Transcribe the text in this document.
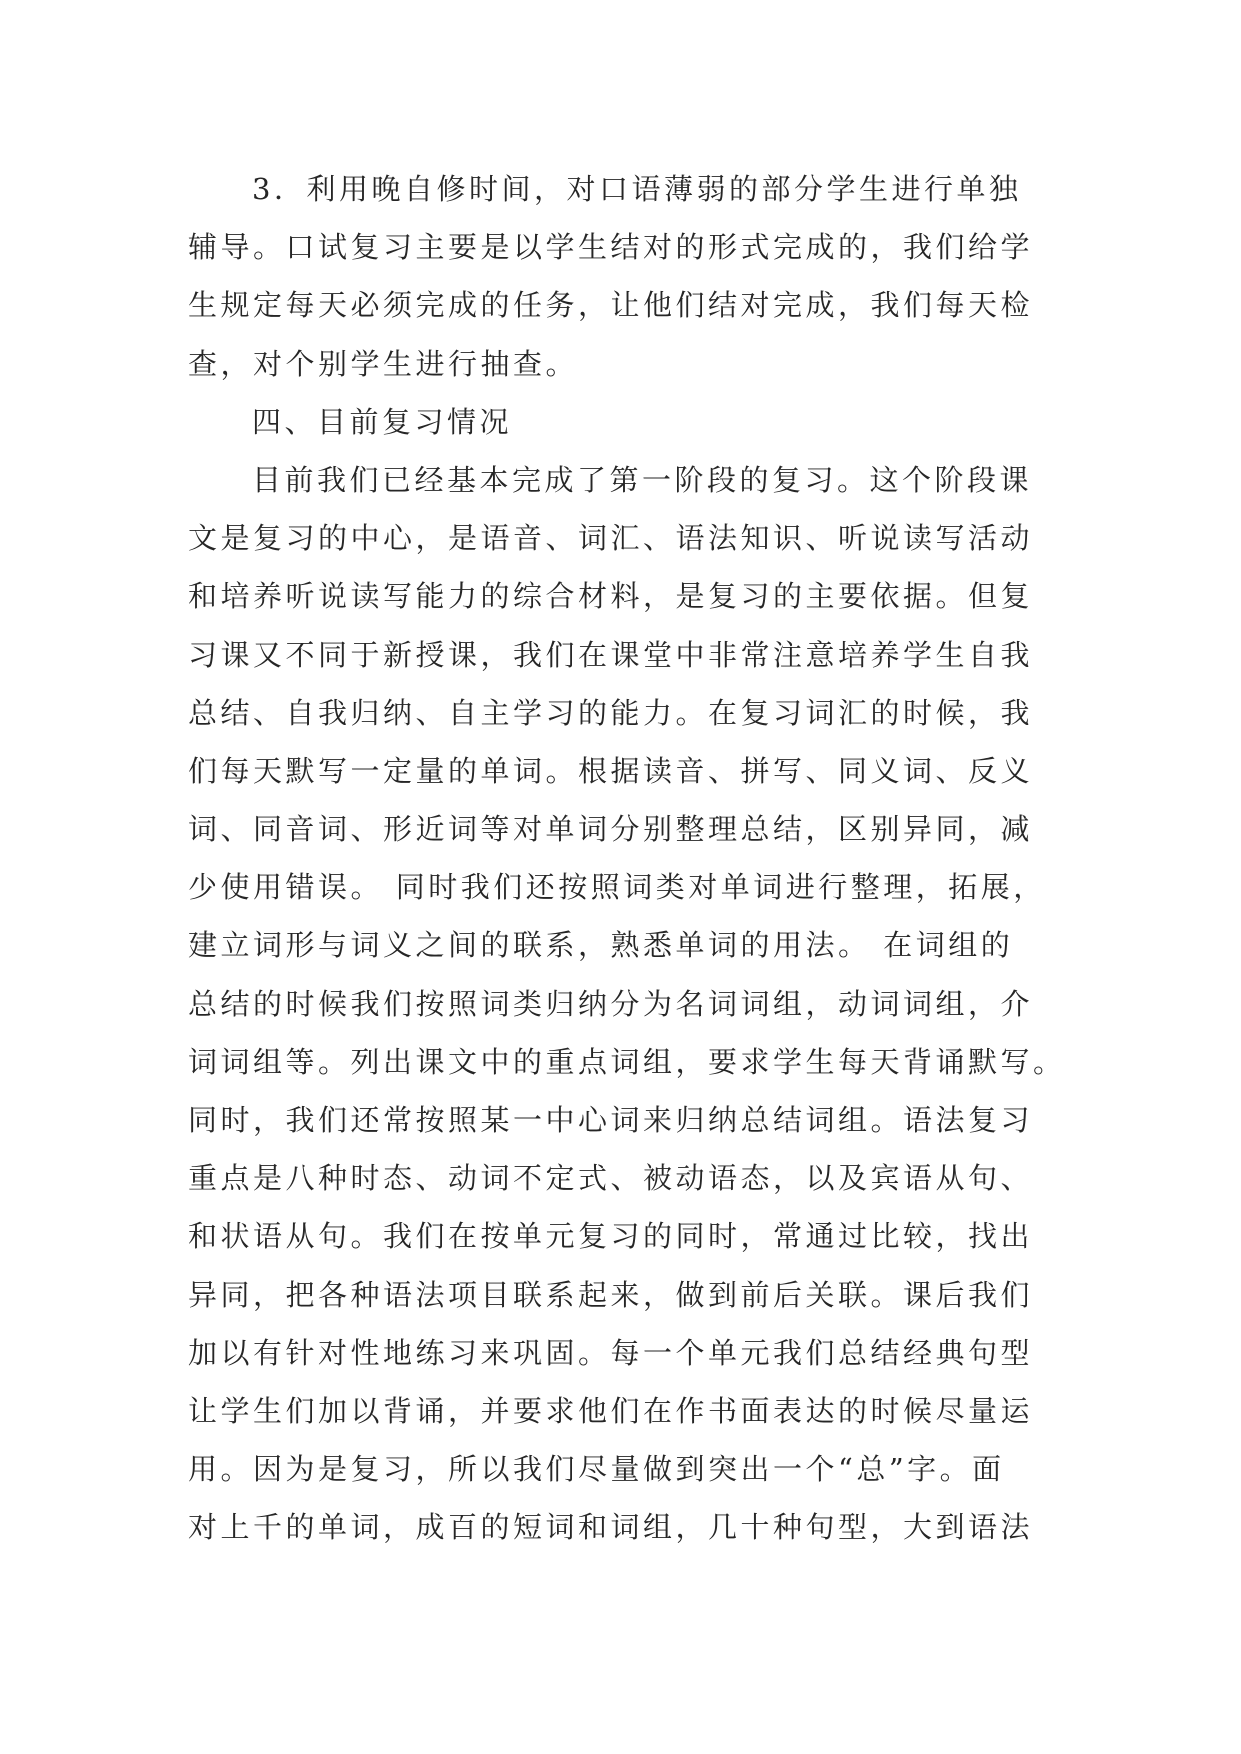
3．利用晚自修时间，对口语薄弱的部分学生进行单独
辅导。口试复习主要是以学生结对的形式完成的，我们给学
生规定每天必须完成的任务，让他们结对完成，我们每天检
查，对个别学生进行抽查。
四、目前复习情况
目前我们已经基本完成了第一阶段的复习。这个阶段课
文是复习的中心，是语音、词汇、语法知识、听说读写活动
和培养听说读写能力的综合材料，是复习的主要依据。但复
习课又不同于新授课，我们在课堂中非常注意培养学生自我
总结、自我归纳、自主学习的能力。在复习词汇的时候，我
们每天默写一定量的单词。根据读音、拼写、同义词、反义
词、同音词、形近词等对单词分别整理总结，区别异同，减
少使用错误。 同时我们还按照词类对单词进行整理，拓展，
建立词形与词义之间的联系，熟悉单词的用法。 在词组的
总结的时候我们按照词类归纳分为名词词组，动词词组，介
词词组等。列出课文中的重点词组，要求学生每天背诵默写。
同时，我们还常按照某一中心词来归纳总结词组。语法复习
重点是八种时态、动词不定式、被动语态，以及宾语从句、
和状语从句。我们在按单元复习的同时，常通过比较，找出
异同，把各种语法项目联系起来，做到前后关联。课后我们
加以有针对性地练习来巩固。每一个单元我们总结经典句型
让学生们加以背诵，并要求他们在作书面表达的时候尽量运
用。因为是复习，所以我们尽量做到突出一个“总”字。面
对上千的单词，成百的短词和词组，几十种句型，大到语法
